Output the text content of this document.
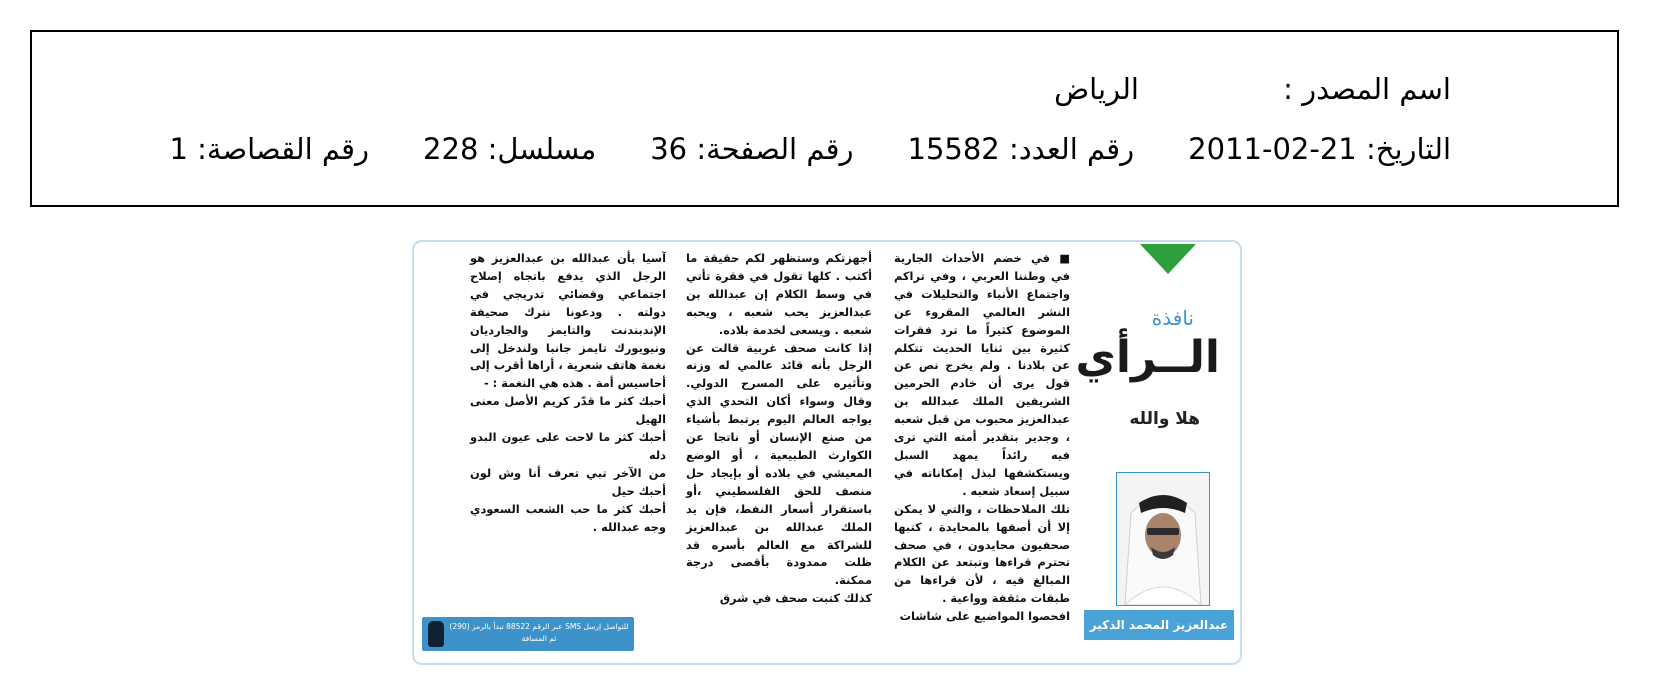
اسم المصدر :
الرياض
التاريخ: 21-02-2011
رقم العدد: 15582
رقم الصفحة: 36
مسلسل: 228
رقم القصاصة: 1
نافذة
الــرأي
هلا والله
عبدالعزيز المحمد الذكير

■ في خضم الأحداث الجارية في وطننا العربي ، وفي تراكم واجتماع الأنباء والتحليلات في النشر العالمي المقروء عن الموضوع كثيراً ما ترد فقرات كثيرة بين ثنايا الحديث تتكلم عن بلادنا . ولم يخرج نص عن قول يرى أن خادم الحرمين الشريفين الملك عبدالله بن عبدالعزيز محبوب من قبل شعبه ، وجدير بتقدير أمته التي ترى فيه رائداً يمهد السبل ويستكشفها لبذل إمكاناته في سبيل إسعاد شعبه .

تلك الملاحظات ، والتي لا يمكن إلا أن أصفها بالمحايدة ، كتبها صحفيون محايدون ، في صحف تحترم قراءها وتبتعد عن الكلام المبالغ فيه ، لأن قراءها من طبقات مثقفة وواعية .

افحصوا المواضيع على شاشات

أجهزتكم وستظهر لكم حقيقة ما أكتب . كلها تقول في فقرة تأتي في وسط الكلام إن عبدالله بن عبدالعزيز يحب شعبه ، ويحبه شعبه . ويسعى لخدمة بلاده.

إذا كانت صحف غربية قالت عن الرجل بأنه قائد عالمي له وزنه وتأثيره على المسرح الدولي. وقال وسواء أكان التحدي الذي يواجه العالم اليوم يرتبط بأشياء من صنع الإنسان أو ناتجا عن الكوارث الطبيعية ، أو الوضع المعيشي في بلاده أو بإيجاد حل منصف للحق الفلسطيني ،أو باستقرار أسعار النفط، فإن يد الملك عبدالله بن عبدالعزيز للشراكة مع العالم بأسره قد ظلت ممدودة بأقصى درجة ممكنة.

كذلك كتبت صحف في شرق

آسيا بأن عبدالله بن عبدالعزيز هو الرجل الذي يدفع باتجاه إصلاح اجتماعي وقضائي تدريجي في دولته . ودعونا نترك صحيفة الإندبندنت والتايمز والجارديان ونيويورك تايمز جانبا ولندخل إلى نغمة هاتف شعرية ، أراها أقرب إلى أحاسيس أمة . هذه هي النغمة : -

أحبك كثر ما قدّر كريم الأصل معنى الهيل

أحبك كثر ما لاحت على عيون البدو دله

من الآخر تبي تعرف أنا وش لون أحبك حيل

أحبك كثر ما حب الشعب السعودي وجه عبدالله .

للتواصل إرسل SMS عبر الرقم 88522 تبدأ بالرمز (290) ثم المسافة
